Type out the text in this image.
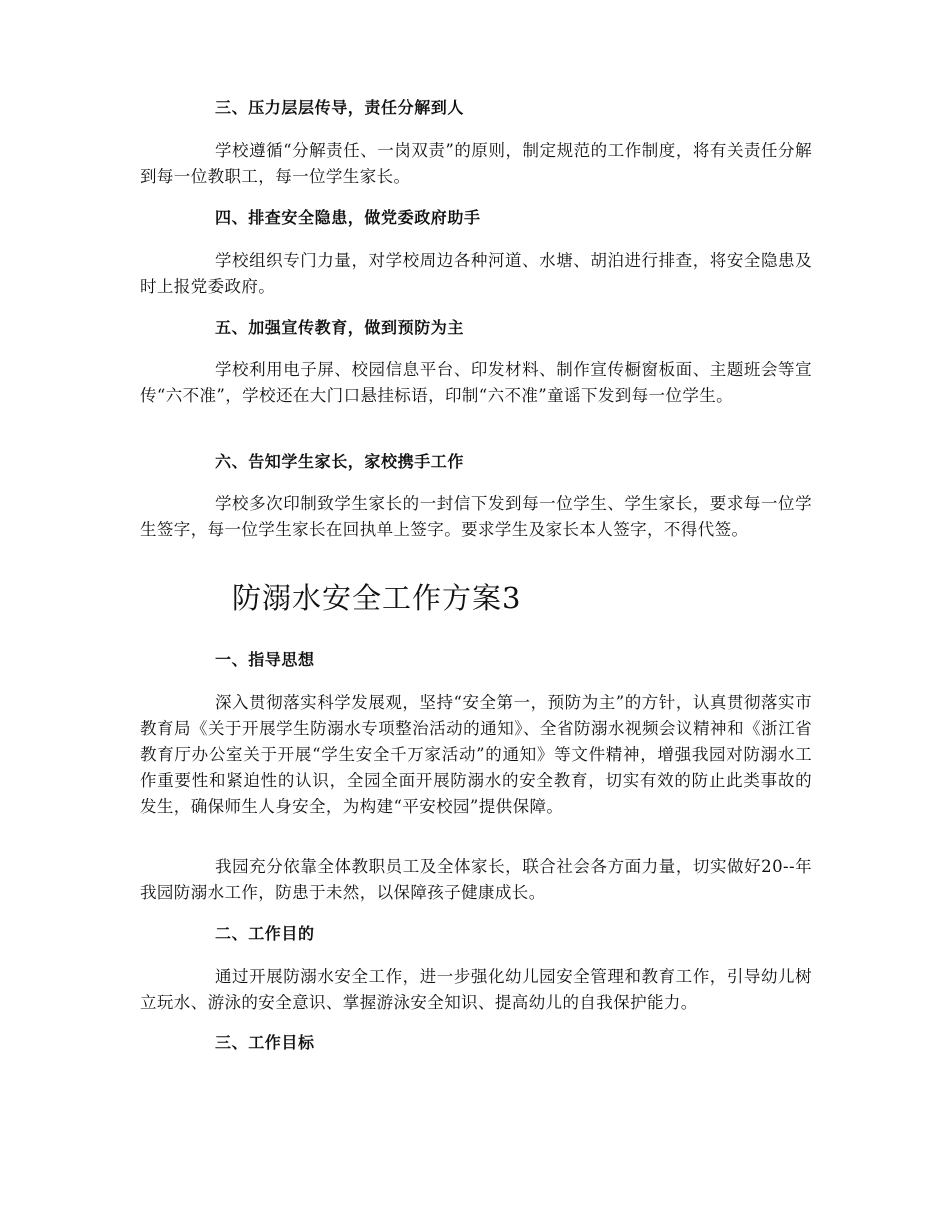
三、压力层层传导，责任分解到人

学校遵循“分解责任、一岗双责”的原则，制定规范的工作制度，将有关责任分解到每一位教职工，每一位学生家长。

四、排查安全隐患，做党委政府助手

学校组织专门力量，对学校周边各种河道、水塘、胡泊进行排查，将安全隐患及时上报党委政府。

五、加强宣传教育，做到预防为主

学校利用电子屏、校园信息平台、印发材料、制作宣传橱窗板面、主题班会等宣传“六不准”，学校还在大门口悬挂标语，印制“六不准”童谣下发到每一位学生。

六、告知学生家长，家校携手工作

学校多次印制致学生家长的一封信下发到每一位学生、学生家长，要求每一位学生签字，每一位学生家长在回执单上签字。要求学生及家长本人签字，不得代签。

防溺水安全工作方案3
一、指导思想

深入贯彻落实科学发展观，坚持“安全第一，预防为主”的方针，认真贯彻落实市教育局《关于开展学生防溺水专项整治活动的通知》、全省防溺水视频会议精神和《浙江省教育厅办公室关于开展“学生安全千万家活动”的通知》等文件精神，增强我园对防溺水工作重要性和紧迫性的认识，全园全面开展防溺水的安全教育，切实有效的防止此类事故的发生，确保师生人身安全，为构建“平安校园”提供保障。

我园充分依靠全体教职员工及全体家长，联合社会各方面力量，切实做好20--年我园防溺水工作，防患于未然，以保障孩子健康成长。

二、工作目的

通过开展防溺水安全工作，进一步强化幼儿园安全管理和教育工作，引导幼儿树立玩水、游泳的安全意识、掌握游泳安全知识、提高幼儿的自我保护能力。

三、工作目标
